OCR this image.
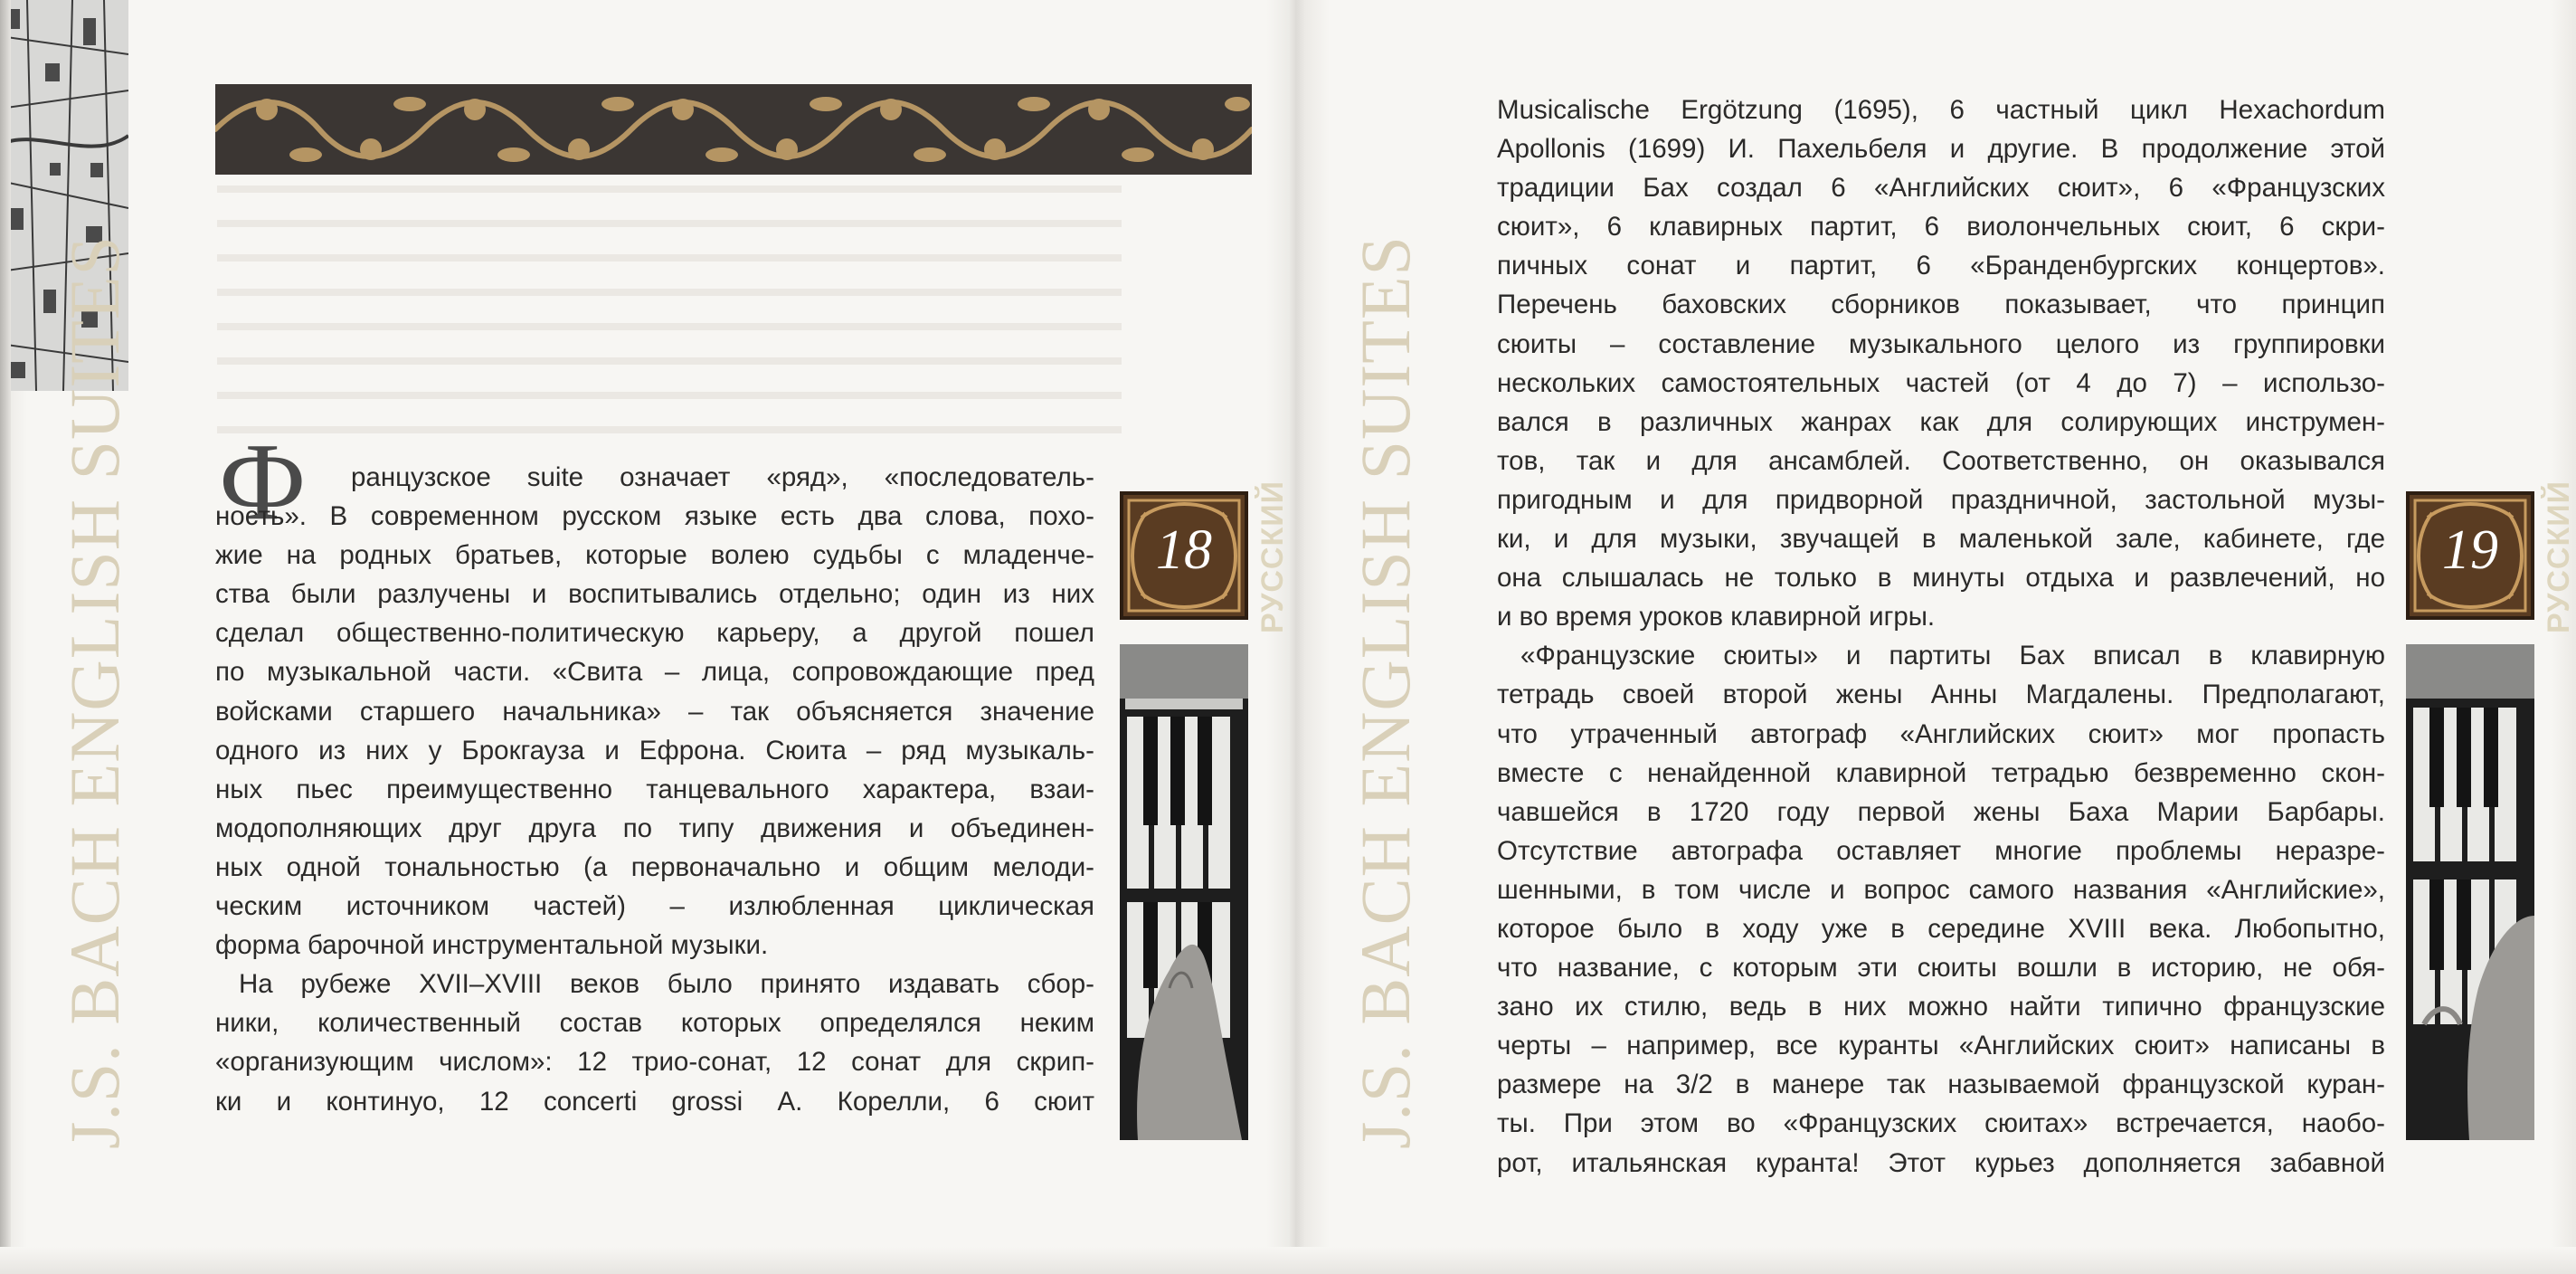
J.S. BACH ENGLISH SUITES Ф	ранцузское suite означает «ряд», «последователь-
ность». В современном русском языке есть два слова, похо-
жие на родных братьев, которые волею судьбы с младенче-
ства были разлучены и воспитывались отдельно; один из них
сделал общественно-политическую карьеру, а другой пошел
по музыкальной части. «Свита – лица, сопровождающие пред
войсками старшего начальника» – так объясняется значение
одного из них у Брокгауза и Ефрона. Сюита – ряд музыкаль-
ных пьес преимущественно танцевального характера, взаи-
модополняющих друг друга по типу движения и объединен-
ных одной тональностью (а первоначально и общим мелоди-
ческим источником частей) – излюбленная циклическая
форма барочной инструментальной музыки.
На рубеже XVII–XVIII веков было принято издавать сбор-
ники, количественный состав которых определялся неким
«организующим числом»: 12 трио-сонат, 12 сонат для скрип-
ки и континуо, 12 concerti grossi А. Корелли, 6 сюит
18	РУССКИЙ J.S. BACH ENGLISH SUITES
Musicalische Ergötzung (1695), 6 частный цикл Hexachordum
Apollonis (1699) И. Пахельбеля и другие. В продолжение этой
традиции Бах создал 6 «Английских сюит», 6 «Французских
сюит», 6 клавирных партит, 6 виолончельных сюит, 6 скри-
пичных сонат и партит, 6 «Бранденбургских концертов».
Перечень баховских сборников показывает, что принцип
сюиты – составление музыкального целого из группировки
нескольких самостоятельных частей (от 4 до 7) – использо-
вался в различных жанрах как для солирующих инструмен-
тов, так и для ансамблей. Соответственно, он оказывался
пригодным и для придворной праздничной, застольной музы-
ки, и для музыки, звучащей в маленькой зале, кабинете, где
она слышалась не только в минуты отдыха и развлечений, но
и во время уроков клавирной игры.
«Французские сюиты» и партиты Бах вписал в клавирную
тетрадь своей второй жены Анны Магдалены. Предполагают,
что утраченный автограф «Английских сюит» мог пропасть
вместе с ненайденной клавирной тетрадью безвременно скон-
чавшейся в 1720 году первой жены Баха Марии Барбары.
Отсутствие автографа оставляет многие проблемы неразре-
шенными, в том числе и вопрос самого названия «Английские»,
которое было в ходу уже в середине XVIII века. Любопытно,
что название, с которым эти сюиты вошли в историю, не обя-
зано их стилю, ведь в них можно найти типично французские
черты – например, все куранты «Английских сюит» написаны в
размере на 3/2 в манере так называемой французской куран-
ты. При этом во «Французских сюитах» встречается, наобо-
рот, итальянская куранта! Этот курьез дополняется забавной
19	РУССКИЙ
